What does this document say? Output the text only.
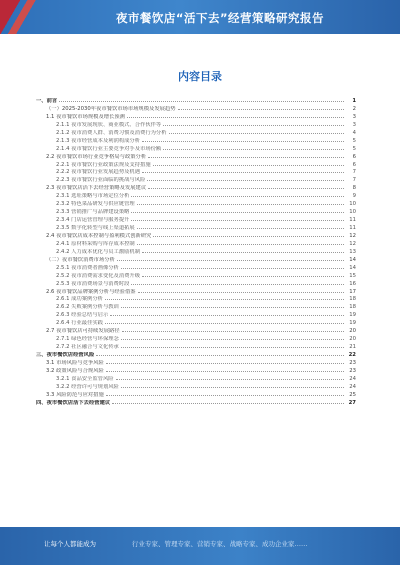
夜市餐饮店“活下去”经营策略研究报告
内容目录
一、前言	1
（一）2025-2030年夜市餐饮市场市场规模及发展趋势	2
1.1 夜市餐饮市场规模及增长预测	3
2.1.1 夜市发展现状、商业模式、合作伙伴等	3
2.1.2 夜市消费人群、消费习惯及消费行为分析	4
2.1.3 夜市经营成本及利润构成分析	5
2.1.4 夜市餐饮行业主要竞争对手及市场份额	5
2.2 夜市餐饮市场行业竞争格局与政策分析	6
2.2.1 夜市餐饮行业政策法规及支持措施	6
2.2.2 夜市餐饮行业发展趋势及机遇	7
2.2.3 夜市餐饮行业面临的挑战与风险	7
2.3 夜市餐饮店活下去经营策略及发展建议	8
2.3.1 选址策略与市场定位分析	9
2.3.2 特色菜品研发与供应链管理	10
2.3.3 营销推广与品牌建设策略	10
2.3.4 门店运营管理与服务提升	11
2.3.5 数字化转型与线上渠道拓展	11
2.4 夜市餐饮店成本控制与盈利模式创新研究	12
2.4.1 原材料采购与库存成本控制	12
2.4.2 人力成本优化与员工激励机制	13
（二）夜市餐饮消费市场分析	14
2.5.1 夜市消费者画像分析	14
2.5.2 夜市消费需求变化及消费升级	15
2.5.3 夜市消费场景与消费时段	16
2.6 夜市餐饮品牌案例分析与经验借鉴	17
2.6.1 成功案例分析	18
2.6.2 失败案例分析与教训	18
2.6.3 经验总结与启示	19
2.6.4 行业最佳实践	19
2.7 夜市餐饮店可持续发展路径	20
2.7.1 绿色经营与环保理念	20
2.7.2 社区融合与文化传承	21
三、夜市餐饮店经营风险	22
3.1 市场风险与竞争风险	23
3.2 政策风险与合规风险	23
3.2.1 食品安全监管风险	24
3.2.2 经营许可与规划风险	24
3.3 风险防范与应对措施	25
四、夜市餐饮店活下去经营建议	27
让每个人都能成为	行业专家、管理专家、营销专家、战略专家、成功企业家……
